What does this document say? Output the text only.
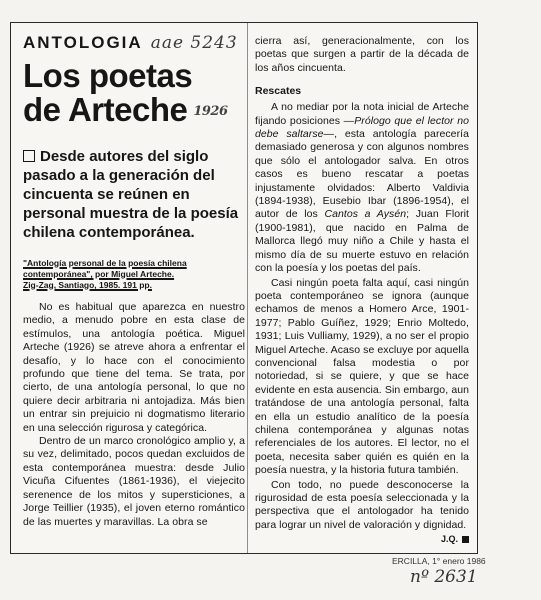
ANTOLOGIA aae 5243
Los poetas
de Arteche 1926
Desde autores del siglo pasado a la generación del cincuenta se reúnen en personal muestra de la poesía chilena contemporánea.
"Antología personal de la poesía chilena contemporánea", por Miguel Arteche.
Zig-Zag, Santiago, 1985. 191 pp.

No es habitual que aparezca en nuestro medio, a menudo pobre en esta clase de estímulos, una antología poética. Miguel Arteche (1926) se atreve ahora a enfrentar el desafío, y lo hace con el conocimiento profundo que tiene del tema. Se trata, por cierto, de una antología personal, lo que no quiere decir arbitraria ni antojadiza. Más bien un entrar sin prejuicio ni dogmatismo literario en una selección rigurosa y categórica.

Dentro de un marco cronológico amplio y, a su vez, delimitado, pocos quedan excluidos de esta contemporánea muestra: desde Julio Vicuña Cifuentes (1861-1936), el viejecito serenence de los mitos y supersticiones, a Jorge Teillier (1935), el joven eterno romántico de las muertes y maravillas. La obra se

cierra así, generacionalmente, con los poetas que surgen a partir de la década de los años cincuenta.

Rescates

A no mediar por la nota inicial de Arteche fijando posiciones —Prólogo que el lector no debe saltarse—, esta antología parecería demasiado generosa y con algunos nombres que sólo el antologador salva. En otros casos es bueno rescatar a poetas injustamente olvidados: Alberto Valdivia (1894-1938), Eusebio Ibar (1896-1954), el autor de los Cantos a Aysén; Juan Florit (1900-1981), que nacido en Palma de Mallorca llegó muy niño a Chile y hasta el mismo día de su muerte estuvo en relación con la poesía y los poetas del país.

Casi ningún poeta falta aquí, casi ningún poeta contemporáneo se ignora (aunque echamos de menos a Homero Arce, 1901-1977; Pablo Guíñez, 1929; Enrio Moltedo, 1931; Luis Vulliamy, 1929), a no ser el propio Miguel Arteche. Acaso se excluye por aquella convencional falsa modestia o por notoriedad, si se quiere, y que se hace evidente en esta ausencia. Sin embargo, aun tratándose de una antología personal, falta en ella un estudio analítico de la poesía chilena contemporánea y algunas notas referenciales de los autores. El lector, no el poeta, necesita saber quién es quién en la poesía nuestra, y la historia futura también.

Con todo, no puede desconocerse la rigurosidad de esta poesía seleccionada y la perspectiva que el antologador ha tenido para lograr un nivel de valoración y dignidad.

J.Q.
ERCILLA, 1° enero 1986
nº 2631
